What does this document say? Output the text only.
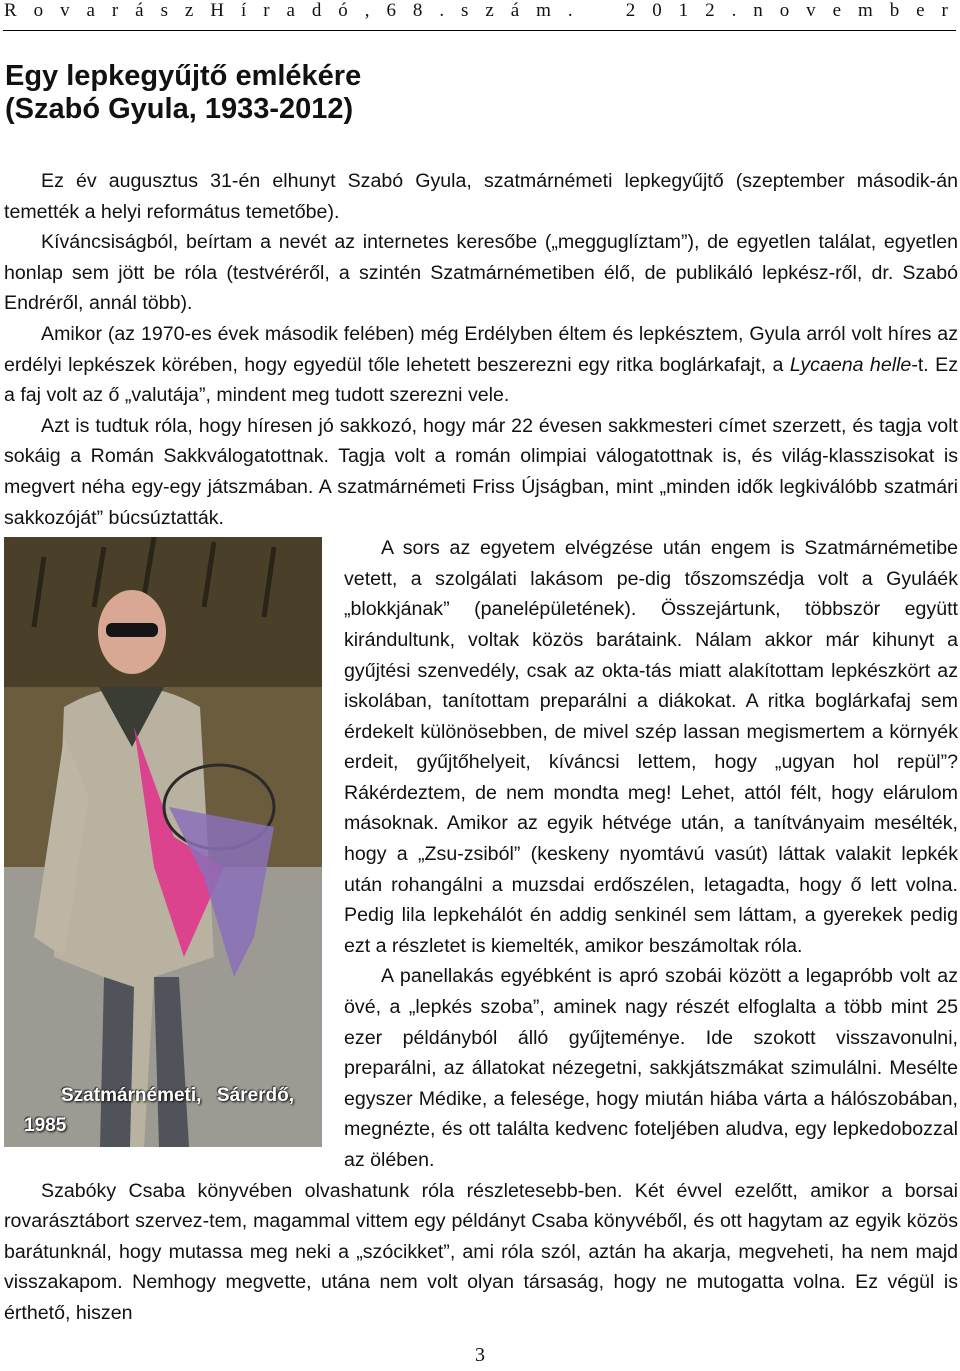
R o v a r á s z H í r a d ó , 6 8 . s z á m . 2 0 1 2 . n o v e m b e r
Egy lepkegyűjtő emlékére
(Szabó Gyula, 1933-2012)

Ez év augusztus 31-én elhunyt Szabó Gyula, szatmárnémeti lepkegyűjtő (szeptember második-án temették a helyi református temetőbe).

Kíváncsiságból, beírtam a nevét az internetes keresőbe („megguglíztam”), de egyetlen találat, egyetlen honlap sem jött be róla (testvéréről, a szintén Szatmárnémetiben élő, de publikáló lepkész-ről, dr. Szabó Endréről, annál több).

Amikor (az 1970-es évek második felében) még Erdélyben éltem és lepkésztem, Gyula arról volt híres az erdélyi lepkészek körében, hogy egyedül tőle lehetett beszerezni egy ritka boglárkafajt, a Lycaena helle-t. Ez a faj volt az ő „valutája”, mindent meg tudott szerezni vele.

Azt is tudtuk róla, hogy híresen jó sakkozó, hogy már 22 évesen sakkmesteri címet szerzett, és tagja volt sokáig a Román Sakkválogatottnak. Tagja volt a román olimpiai válogatottnak is, és világ-klasszisokat is megvert néha egy-egy játszmában. A szatmárnémeti Friss Újságban, mint „minden idők legkiválóbb szatmári sakkozóját” búcsúztatták.

Szatmárnémeti, Sárerdő, 1985
A sors az egyetem elvégzése után engem is Szatmárnémetibe vetett, a szolgálati lakásom pe-dig tőszomszédja volt a Gyuláék „blokkjának” (panelépületének). Összejártunk, többször együtt kirándultunk, voltak közös barátaink. Nálam akkor már kihunyt a gyűjtési szenvedély, csak az okta-tás miatt alakítottam lepkészkört az iskolában, tanítottam preparálni a diákokat. A ritka boglárkafaj sem érdekelt különösebben, de mivel szép lassan megismertem a környék erdeit, gyűjtőhelyeit, kíváncsi lettem, hogy „ugyan hol repül”? Rákérdeztem, de nem mondta meg! Lehet, attól félt, hogy elárulom másoknak. Amikor az egyik hétvége után, a tanítványaim mesélték, hogy a „Zsu-zsiból” (keskeny nyomtávú vasút) láttak valakit lepkék után rohangálni a muzsdai erdőszélen, letagadta, hogy ő lett volna. Pedig lila lepkehálót én addig senkinél sem láttam, a gyerekek pedig ezt a részletet is kiemelték, amikor beszámoltak róla.

A panellakás egyébként is apró szobái között a legapróbb volt az övé, a „lepkés szoba”, aminek nagy részét elfoglalta a több mint 25 ezer példányból álló gyűjteménye. Ide szokott visszavonulni, preparálni, az állatokat nézegetni, sakkjátszmákat szimulálni. Mesélte egyszer Médike, a felesége, hogy miután hiába várta a hálószobában, megnézte, és ott találta kedvenc foteljében aludva, egy lepkedobozzal az ölében.

Szabóky Csaba könyvében olvashatunk róla részletesebb-ben. Két évvel ezelőtt, amikor a borsai rovarásztábort szervez-tem, magammal vittem egy példányt Csaba könyvéből, és ott hagytam az egyik közös barátunknál, hogy mutassa meg neki a „szócikket”, ami róla szól, aztán ha akarja, megveheti, ha nem majd visszakapom. Nemhogy megvette, utána nem volt olyan társaság, hogy ne mutogatta volna. Ez végül is érthető, hiszen

3
